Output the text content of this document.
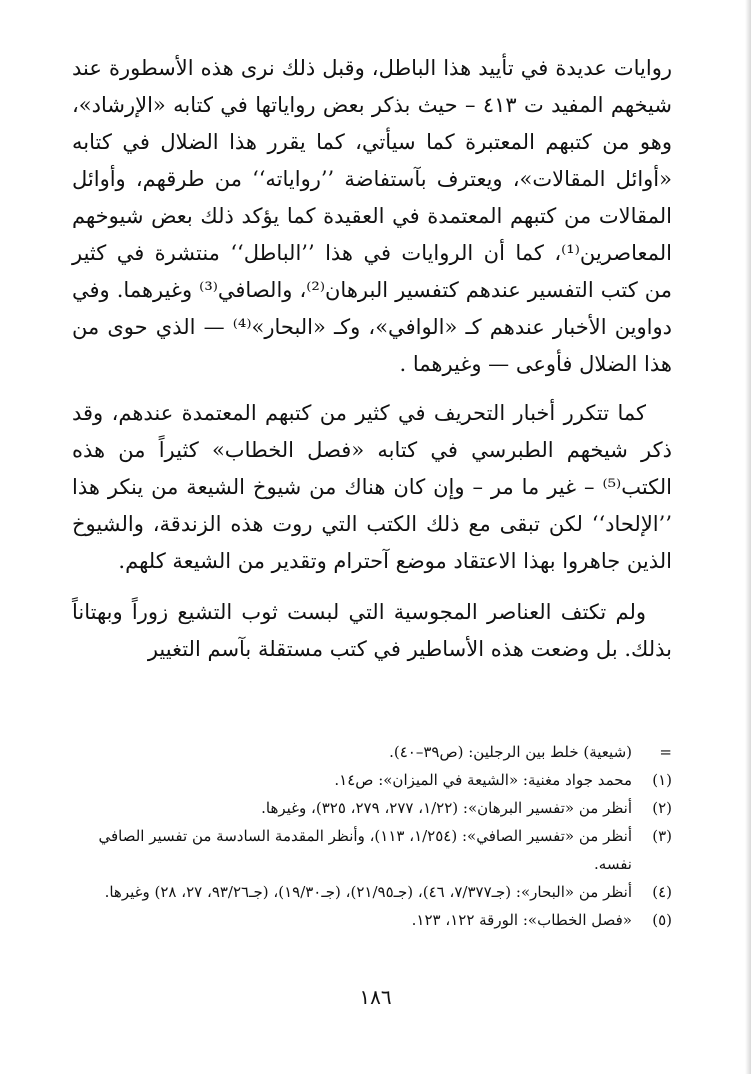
روايات عديدة في تأييد هذا الباطل، وقبل ذلك نرى هذه الأسطورة عند شيخهم المفيد ت ٤١٣ – حيث بذكر بعض رواياتها في كتابه «الإرشاد»، وهو من كتبهم المعتبرة كما سيأتي، كما يقرر هذا الضلال في كتابه «أوائل المقالات»، ويعترف بآستفاضة ’’رواياته‘‘ من طرقهم، وأوائل المقالات من كتبهم المعتمدة في العقيدة كما يؤكد ذلك بعض شيوخهم المعاصرين⁽¹⁾، كما أن الروايات في هذا ’’الباطل‘‘ منتشرة في كثير من كتب التفسير عندهم كتفسير البرهان⁽²⁾، والصافي⁽³⁾ وغيرهما. وفي دواوين الأخبار عندهم كـ «الوافي»، وكـ «البحار»⁽⁴⁾ — الذي حوى من هذا الضلال فأوعى — وغيرهما .

كما تتكرر أخبار التحريف في كثير من كتبهم المعتمدة عندهم، وقد ذكر شيخهم الطبرسي في كتابه «فصل الخطاب» كثيراً من هذه الكتب⁽⁵⁾ – غير ما مر – وإن كان هناك من شيوخ الشيعة من ينكر هذا ’’الإلحاد‘‘ لكن تبقى مع ذلك الكتب التي روت هذه الزندقة، والشيوخ الذين جاهروا بهذا الاعتقاد موضع آحترام وتقدير من الشيعة كلهم.

ولم تكتف العناصر المجوسية التي لبست ثوب التشيع زوراً وبهتاناً بذلك. بل وضعت هذه الأساطير في كتب مستقلة بآسم التغيير

=
(شيعية) خلط بين الرجلين: (ص٣٩–٤٠).
(١)
محمد جواد مغنية: «الشيعة في الميزان»: ص١٤.
(٢)
أنظر من «تفسير البرهان»: (١/٢٢، ٢٧٧، ٢٧٩، ٣٢٥)، وغيرها.
(٣)
أنظر من «تفسير الصافي»: (١/٢٥٤، ١١٣)، وأنظر المقدمة السادسة من تفسير الصافي نفسه.
(٤)
أنظر من «البحار»: (جـ٧/٣٧٧، ٤٦)، (جـ٢١/٩٥)، (جـ١٩/٣٠)، (جـ٩٣/٢٦، ٢٧، ٢٨) وغيرها.
(٥)
«فصل الخطاب»: الورقة ١٢٢، ١٢٣.
١٨٦
